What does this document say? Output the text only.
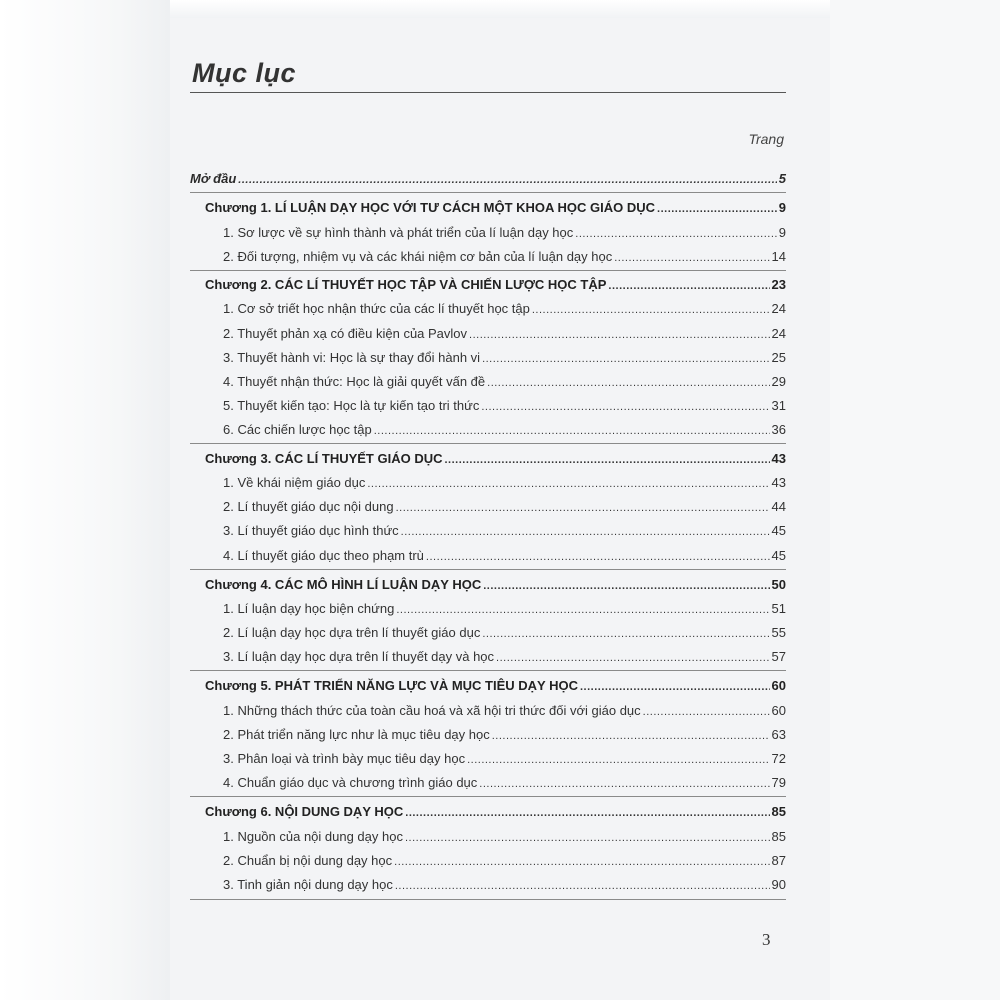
Mục lục
Trang
Mở đầu .....	5
Chương 1. LÍ LUẬN DẠY HỌC VỚI TƯ CÁCH MỘT KHOA HỌC GIÁO DỤC .....	9
1. Sơ lược về sự hình thành và phát triển của lí luận dạy học .....	9
2. Đối tượng, nhiệm vụ và các khái niệm cơ bản của lí luận dạy học .....	14
Chương 2. CÁC LÍ THUYẾT HỌC TẬP VÀ CHIẾN LƯỢC HỌC TẬP .....	23
1. Cơ sở triết học nhận thức của các lí thuyết học tập .....	24
2. Thuyết phản xạ có điều kiện của Pavlov .....	24
3. Thuyết hành vi: Học là sự thay đổi hành vi .....	25
4. Thuyết nhận thức: Học là giải quyết vấn đề .....	29
5. Thuyết kiến tạo: Học là tự kiến tạo tri thức .....	31
6. Các chiến lược học tập .....	36
Chương 3. CÁC LÍ THUYẾT GIÁO DỤC .....	43
1. Về khái niệm giáo dục .....	43
2. Lí thuyết giáo dục nội dung .....	44
3. Lí thuyết giáo dục hình thức .....	45
4. Lí thuyết giáo dục theo phạm trù .....	45
Chương 4. CÁC MÔ HÌNH LÍ LUẬN DẠY HỌC .....	50
1. Lí luận dạy học biện chứng .....	51
2. Lí luận dạy học dựa trên lí thuyết giáo dục .....	55
3. Lí luận dạy học dựa trên lí thuyết dạy và học .....	57
Chương 5. PHÁT TRIỂN NĂNG LỰC VÀ MỤC TIÊU DẠY HỌC .....	60
1. Những thách thức của toàn cầu hoá và xã hội tri thức đối với giáo dục .....	60
2. Phát triển năng lực như là mục tiêu dạy học .....	63
3. Phân loại và trình bày mục tiêu dạy học .....	72
4. Chuẩn giáo dục và chương trình giáo dục .....	79
Chương 6. NỘI DUNG DẠY HỌC .....	85
1. Nguồn của nội dung dạy học .....	85
2. Chuẩn bị nội dung dạy học .....	87
3. Tinh giản nội dung dạy học .....	90
3
